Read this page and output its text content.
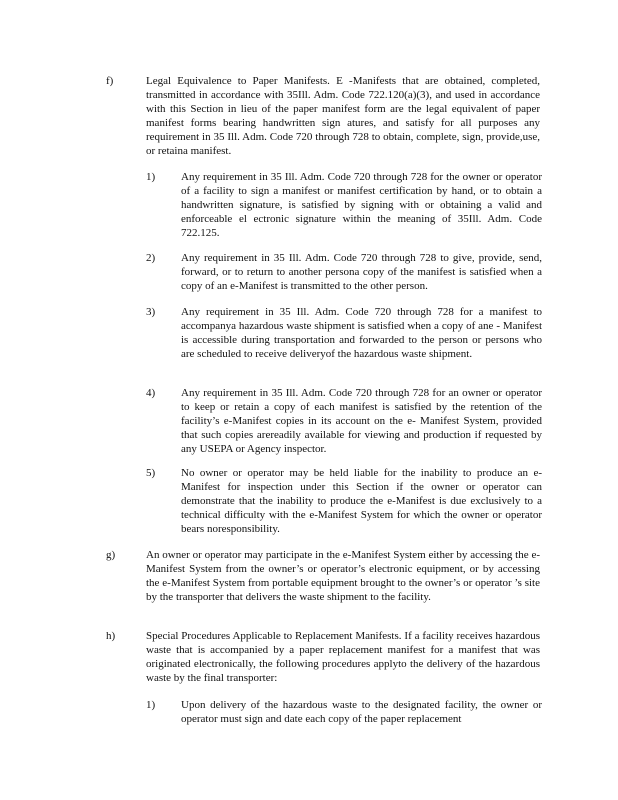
f)	Legal Equivalence to Paper Manifests. E -Manifests that are obtained, completed, transmitted in accordance with 35Ill. Adm. Code 722.120(a)(3), and used in accordance with this Section in lieu of the paper manifest form are the legal equivalent of paper manifest forms bearing handwritten sign atures, and satisfy for all purposes any requirement in 35 Ill. Adm. Code 720 through 728 to obtain, complete, sign, provide,use, or retaina manifest.

1) Any requirement in 35 Ill. Adm. Code 720 through 728 for the owner or operator of a facility to sign a manifest or manifest certification by hand, or to obtain a handwritten signature, is satisfied by signing with or obtaining a valid and enforceable el ectronic signature within the meaning of 35Ill. Adm. Code 722.125.

2) Any requirement in 35 Ill. Adm. Code 720 through 728 to give, provide, send, forward, or to return to another persona copy of the manifest is satisfied when a copy of an e-Manifest is transmitted to the other person.

3) Any requirement in 35 Ill. Adm. Code 720 through 728 for a manifest to accompanya hazardous waste shipment is satisfied when a copy of ane - Manifest is accessible during transportation and forwarded to the person or persons who are scheduled to receive deliveryof the hazardous waste shipment.

4) Any requirement in 35 Ill. Adm. Code 720 through 728 for an owner or operator to keep or retain a copy of each manifest is satisfied by the retention of the facility’s e-Manifest copies in its account on the e- Manifest System, provided that such copies arereadily available for viewing and production if requested by any USEPA or Agency inspector.

5) No owner or operator may be held liable for the inability to produce an e- Manifest for inspection under this Section if the owner or operator can demonstrate that the inability to produce the e-Manifest is due exclusively to a technical difficulty with the e-Manifest System for which the owner or operator bears noresponsibility.

g)	An owner or operator may participate in the e-Manifest System either by accessing the e-Manifest System from the owner’s or operator’s electronic equipment, or by accessing the e-Manifest System from portable equipment brought to the owner’s or operator ’s site by the transporter that delivers the waste shipment to the facility.

h)	Special Procedures Applicable to Replacement Manifests. If a facility receives hazardous waste that is accompanied by a paper replacement manifest for a manifest that was originated electronically, the following procedures applyto the delivery of the hazardous waste by the final transporter:

1) Upon delivery of the hazardous waste to the designated facility, the owner or operator must sign and date each copy of the paper replacement
